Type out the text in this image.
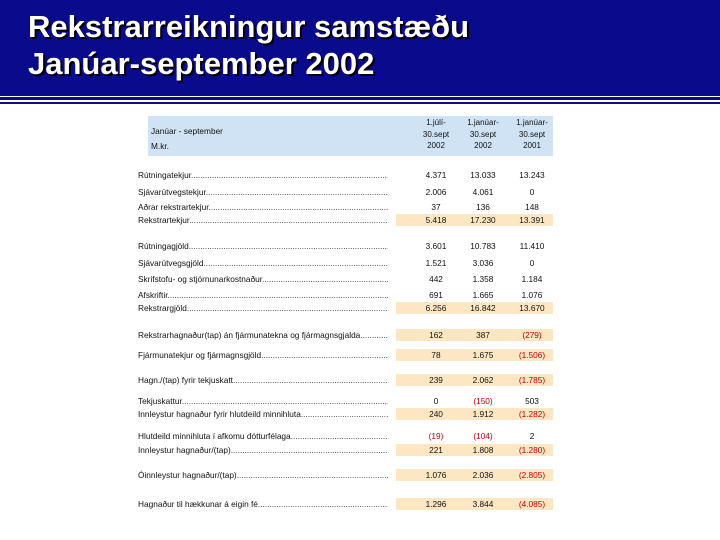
Rekstrarreikningur samstæðu
Janúar-september 2002
Janúar - september
M.kr.
1.júlí-
30.sept
2002
1.janúar-
30.sept
2002
1.janúar-
30.sept
2001
Rútningatekjur .....	4.371	13.033	13.243
Sjávarútvegstekjur .....	2.006	4.061	0
Aðrar rekstrartekjur .....	37	136	148
Rekstrartekjur .....	5.418	17.230	13.391
Rútningagjöld .....	3.601	10.783	11.410
Sjávarútvegsgjöld .....	1.521	3.036	0
Skrifstofu- og stjórnunarkostnaður .....	442	1.358	1.184
Afskriftir .....	691	1.665	1.076
Rekstrargjöld .....	6.256	16.842	13.670
Rekstrarhagnaður(tap) án fjármunatekna og fjármagnsgjalda .....	162	387	(279)
Fjármunatekjur og fjármagnsgjöld .....	78	1.675	(1.506)
Hagn./(tap) fyrir tekjuskatt .....	239	2.062	(1.785)
Tekjuskattur .....	0	(150)	503
Innleystur hagnaður fyrir hlutdeild minnihluta .....	240	1.912	(1.282)
Hlutdeild minnihluta í afkomu dótturfélaga .....	(19)	(104)	2
Innleystur hagnaður/(tap) .....	221	1.808	(1.280)
Óinnleystur hagnaður/(tap) .....	1.076	2.036	(2.805)
Hagnaður til hækkunar á eigin fé .....	1.296	3.844	(4.085)
